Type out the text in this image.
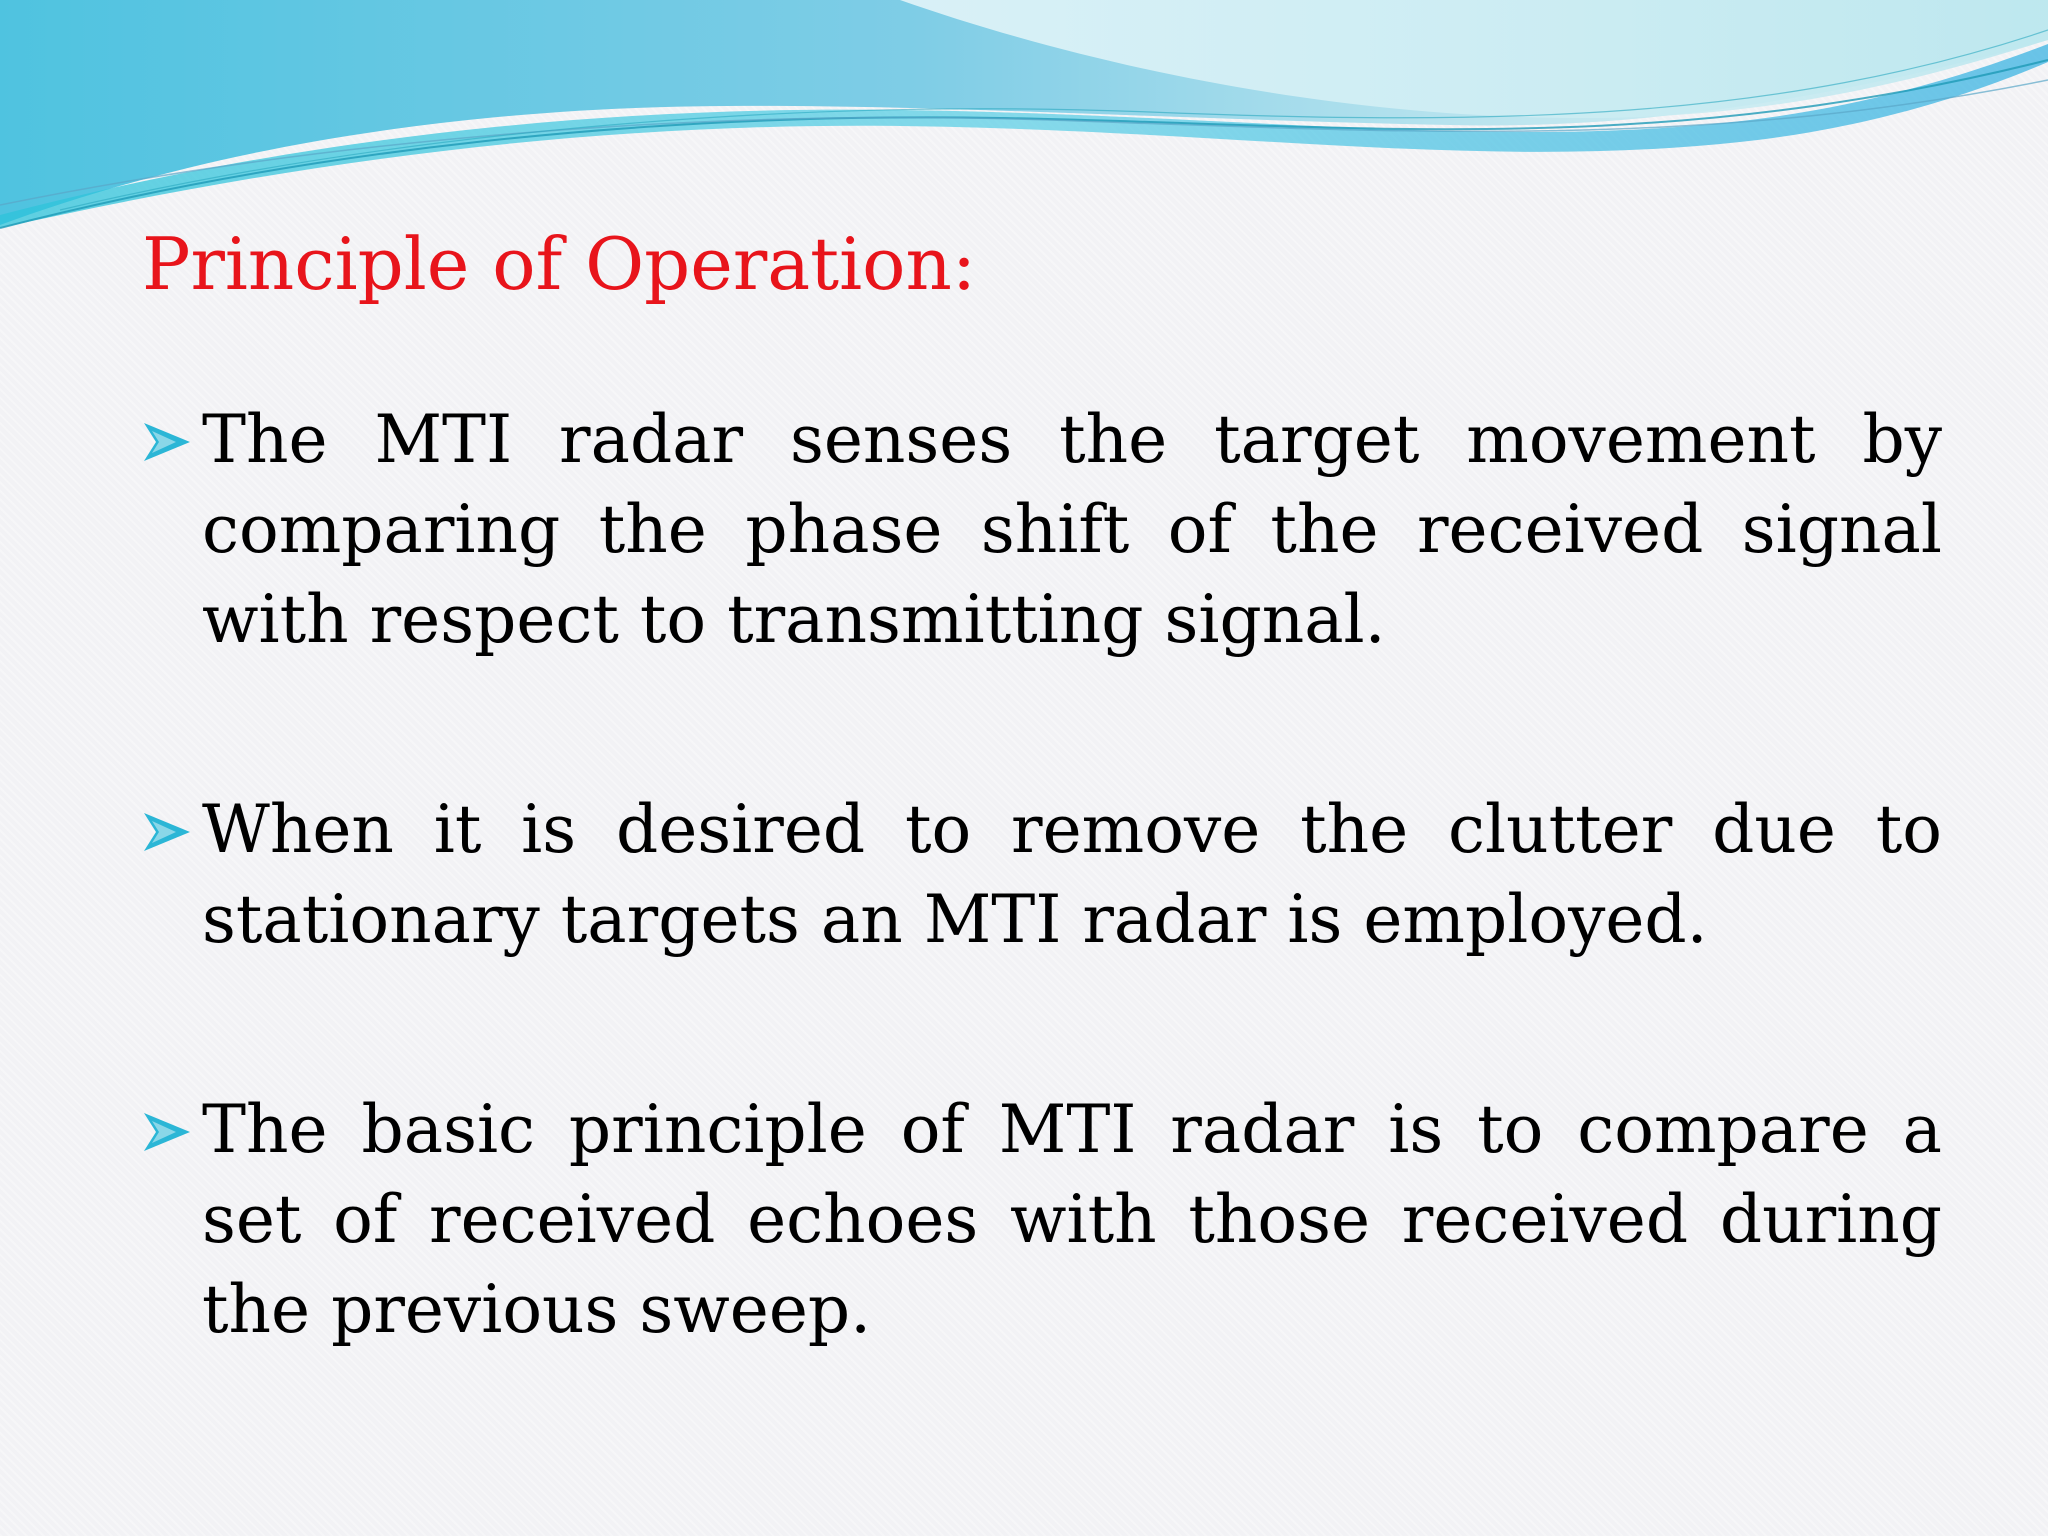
Principle of Operation:
The MTI radar senses the target movement by comparing the phase shift of the received signal with respect to transmitting signal.
When it is desired to remove the clutter due to stationary targets an MTI radar is employed.
The basic principle of MTI radar is to compare a set of received echoes with those received during the previous sweep.
